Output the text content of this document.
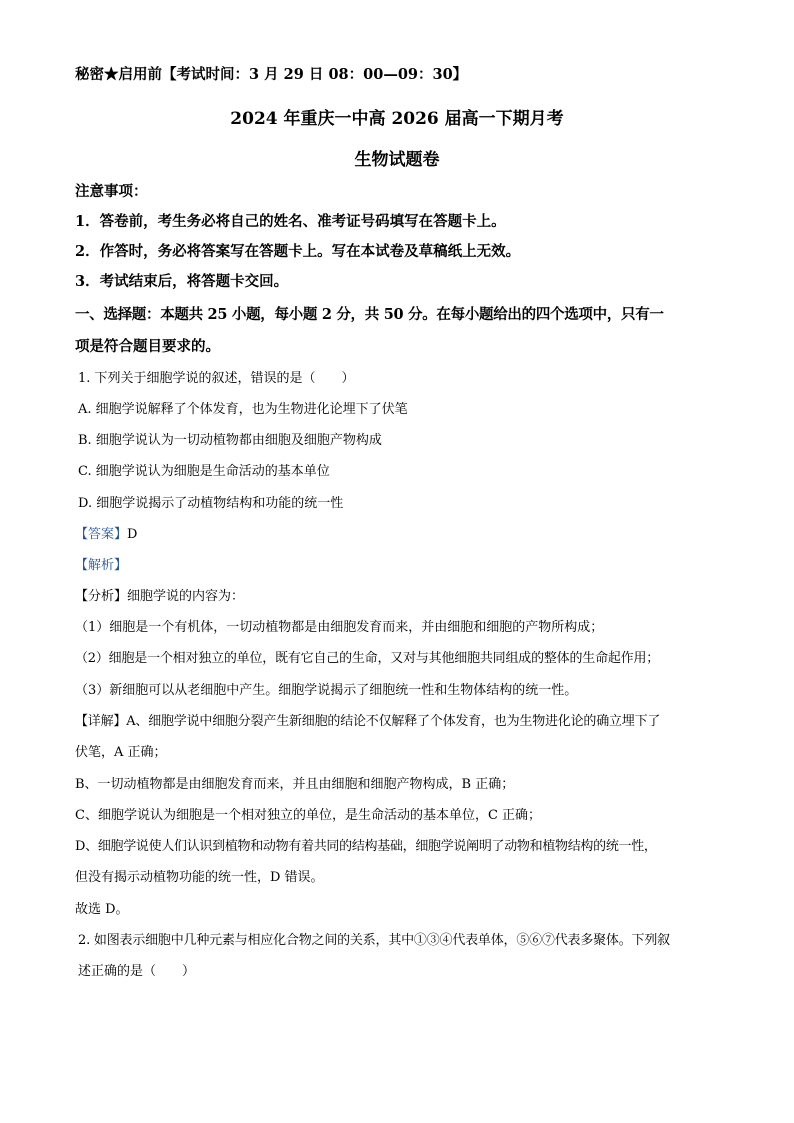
秘密★启用前【考试时间：3 月 29 日 08：00—09：30】
2024 年重庆一中高 2026 届高一下期月考
生物试题卷
注意事项：
1．答卷前，考生务必将自己的姓名、准考证号码填写在答题卡上。
2．作答时，务必将答案写在答题卡上。写在本试卷及草稿纸上无效。
3．考试结束后，将答题卡交回。
一、选择题：本题共 25 小题，每小题 2 分，共 50 分。在每小题给出的四个选项中，只有一
项是符合题目要求的。
1. 下列关于细胞学说的叙述，错误的是（　　）
A. 细胞学说解释了个体发育，也为生物进化论埋下了伏笔
B. 细胞学说认为一切动植物都由细胞及细胞产物构成
C. 细胞学说认为细胞是生命活动的基本单位
D. 细胞学说揭示了动植物结构和功能的统一性
【答案】D
【解析】
【分析】细胞学说的内容为：
（1）细胞是一个有机体，一切动植物都是由细胞发育而来，并由细胞和细胞的产物所构成；
（2）细胞是一个相对独立的单位，既有它自己的生命，又对与其他细胞共同组成的整体的生命起作用；
（3）新细胞可以从老细胞中产生。细胞学说揭示了细胞统一性和生物体结构的统一性。
【详解】A、细胞学说中细胞分裂产生新细胞的结论不仅解释了个体发育，也为生物进化论的确立埋下了
伏笔，A 正确；
B、一切动植物都是由细胞发育而来，并且由细胞和细胞产物构成，B 正确；
C、细胞学说认为细胞是一个相对独立的单位，是生命活动的基本单位，C 正确；
D、细胞学说使人们认识到植物和动物有着共同的结构基础，细胞学说阐明了动物和植物结构的统一性，
但没有揭示动植物功能的统一性，D 错误。
故选 D。
2. 如图表示细胞中几种元素与相应化合物之间的关系，其中①③④代表单体，⑤⑥⑦代表多聚体。下列叙
述正确的是（　　）
